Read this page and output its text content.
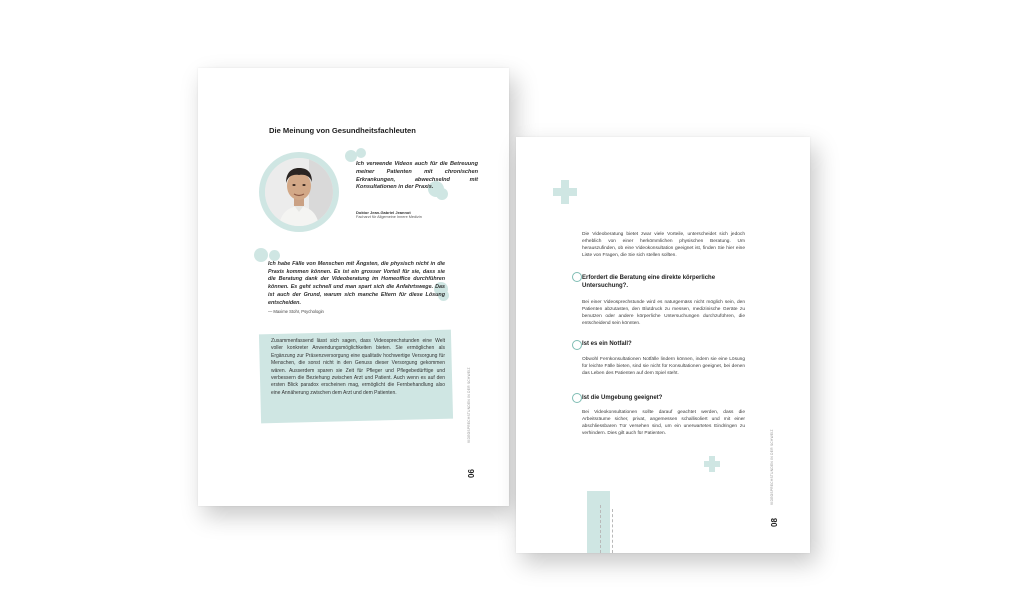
Die Meinung von Gesundheitsfachleuten
Ich verwende Videos auch für die Betreuung meiner Patienten mit chronischen Erkrankungen, abwechselnd mit Konsultationen in der Praxis.
Doktor Jean-Gabriel Jeannot
Facharzt für Allgemeine Innere Medizin
Ich habe Fälle von Menschen mit Ängsten, die physisch nicht in die Praxis kommen können. Es ist ein grosser Vorteil für sie, dass sie die Beratung dank der Videoberatung im Homeoffice durchführen können. Es geht schnell und man spart sich die Anfahrtswege. Das ist auch der Grund, warum sich manche Eltern für diese Lösung entscheiden.
— Maxime Stohr, Psychologin
Zusammenfassend lässt sich sagen, dass Videosprechstunden eine Welt voller konkreter Anwendungsmöglichkeiten bieten. Sie ermöglichen als Ergänzung zur Präsenzversorgung eine qualitativ hochwertige Versorgung für Menschen, die sonst nicht in den Genuss dieser Versorgung gekommen wären. Ausserdem sparen sie Zeit für Pfleger und Pflegebedürftige und verbessern die Beziehung zwischen Arzt und Patient. Auch wenn es auf den ersten Blick paradox erscheinen mag, ermöglicht die Fernbehandlung also eine Annäherung zwischen dem Arzt und dem Patienten.	VIDEOSPRECHSTUNDEN IN DER SCHWEIZ
06
Die Videoberatung bietet zwar viele Vorteile, unterscheidet sich jedoch erheblich von einer herkömmlichen physischen Beratung. Um herauszufinden, ob eine Videokonsultation geeignet ist, finden Sie hier eine Liste von Fragen, die Sie sich stellen sollten.
Erfordert die Beratung eine direkte körperliche Untersuchung?.
Bei einer Videosprechstunde wird es naturgemäss nicht möglich sein, den Patienten abzutasten, den Blutdruck zu messen, medizinische Geräte zu benutzen oder andere körperliche Untersuchungen durchzuführen, die entscheidend sein könnten.
Ist es ein Notfall?
Obwohl Fernkonsultationen Notfälle lindern können, indem sie eine Lösung für leichte Fälle bieten, sind sie nicht für Konsultationen geeignet, bei denen das Leben des Patienten auf dem Spiel steht.
Ist die Umgebung geeignet?
Bei Videokonsultationen sollte darauf geachtet werden, dass die Arbeitsräume sicher, privat, angemessen schallisoliert und mit einer abschliessbaren Tür versehen sind, um ein unerwartetes Eindringen zu verhindern. Dies gilt auch für Patienten.	VIDEOSPRECHSTUNDEN IN DER SCHWEIZ
08
